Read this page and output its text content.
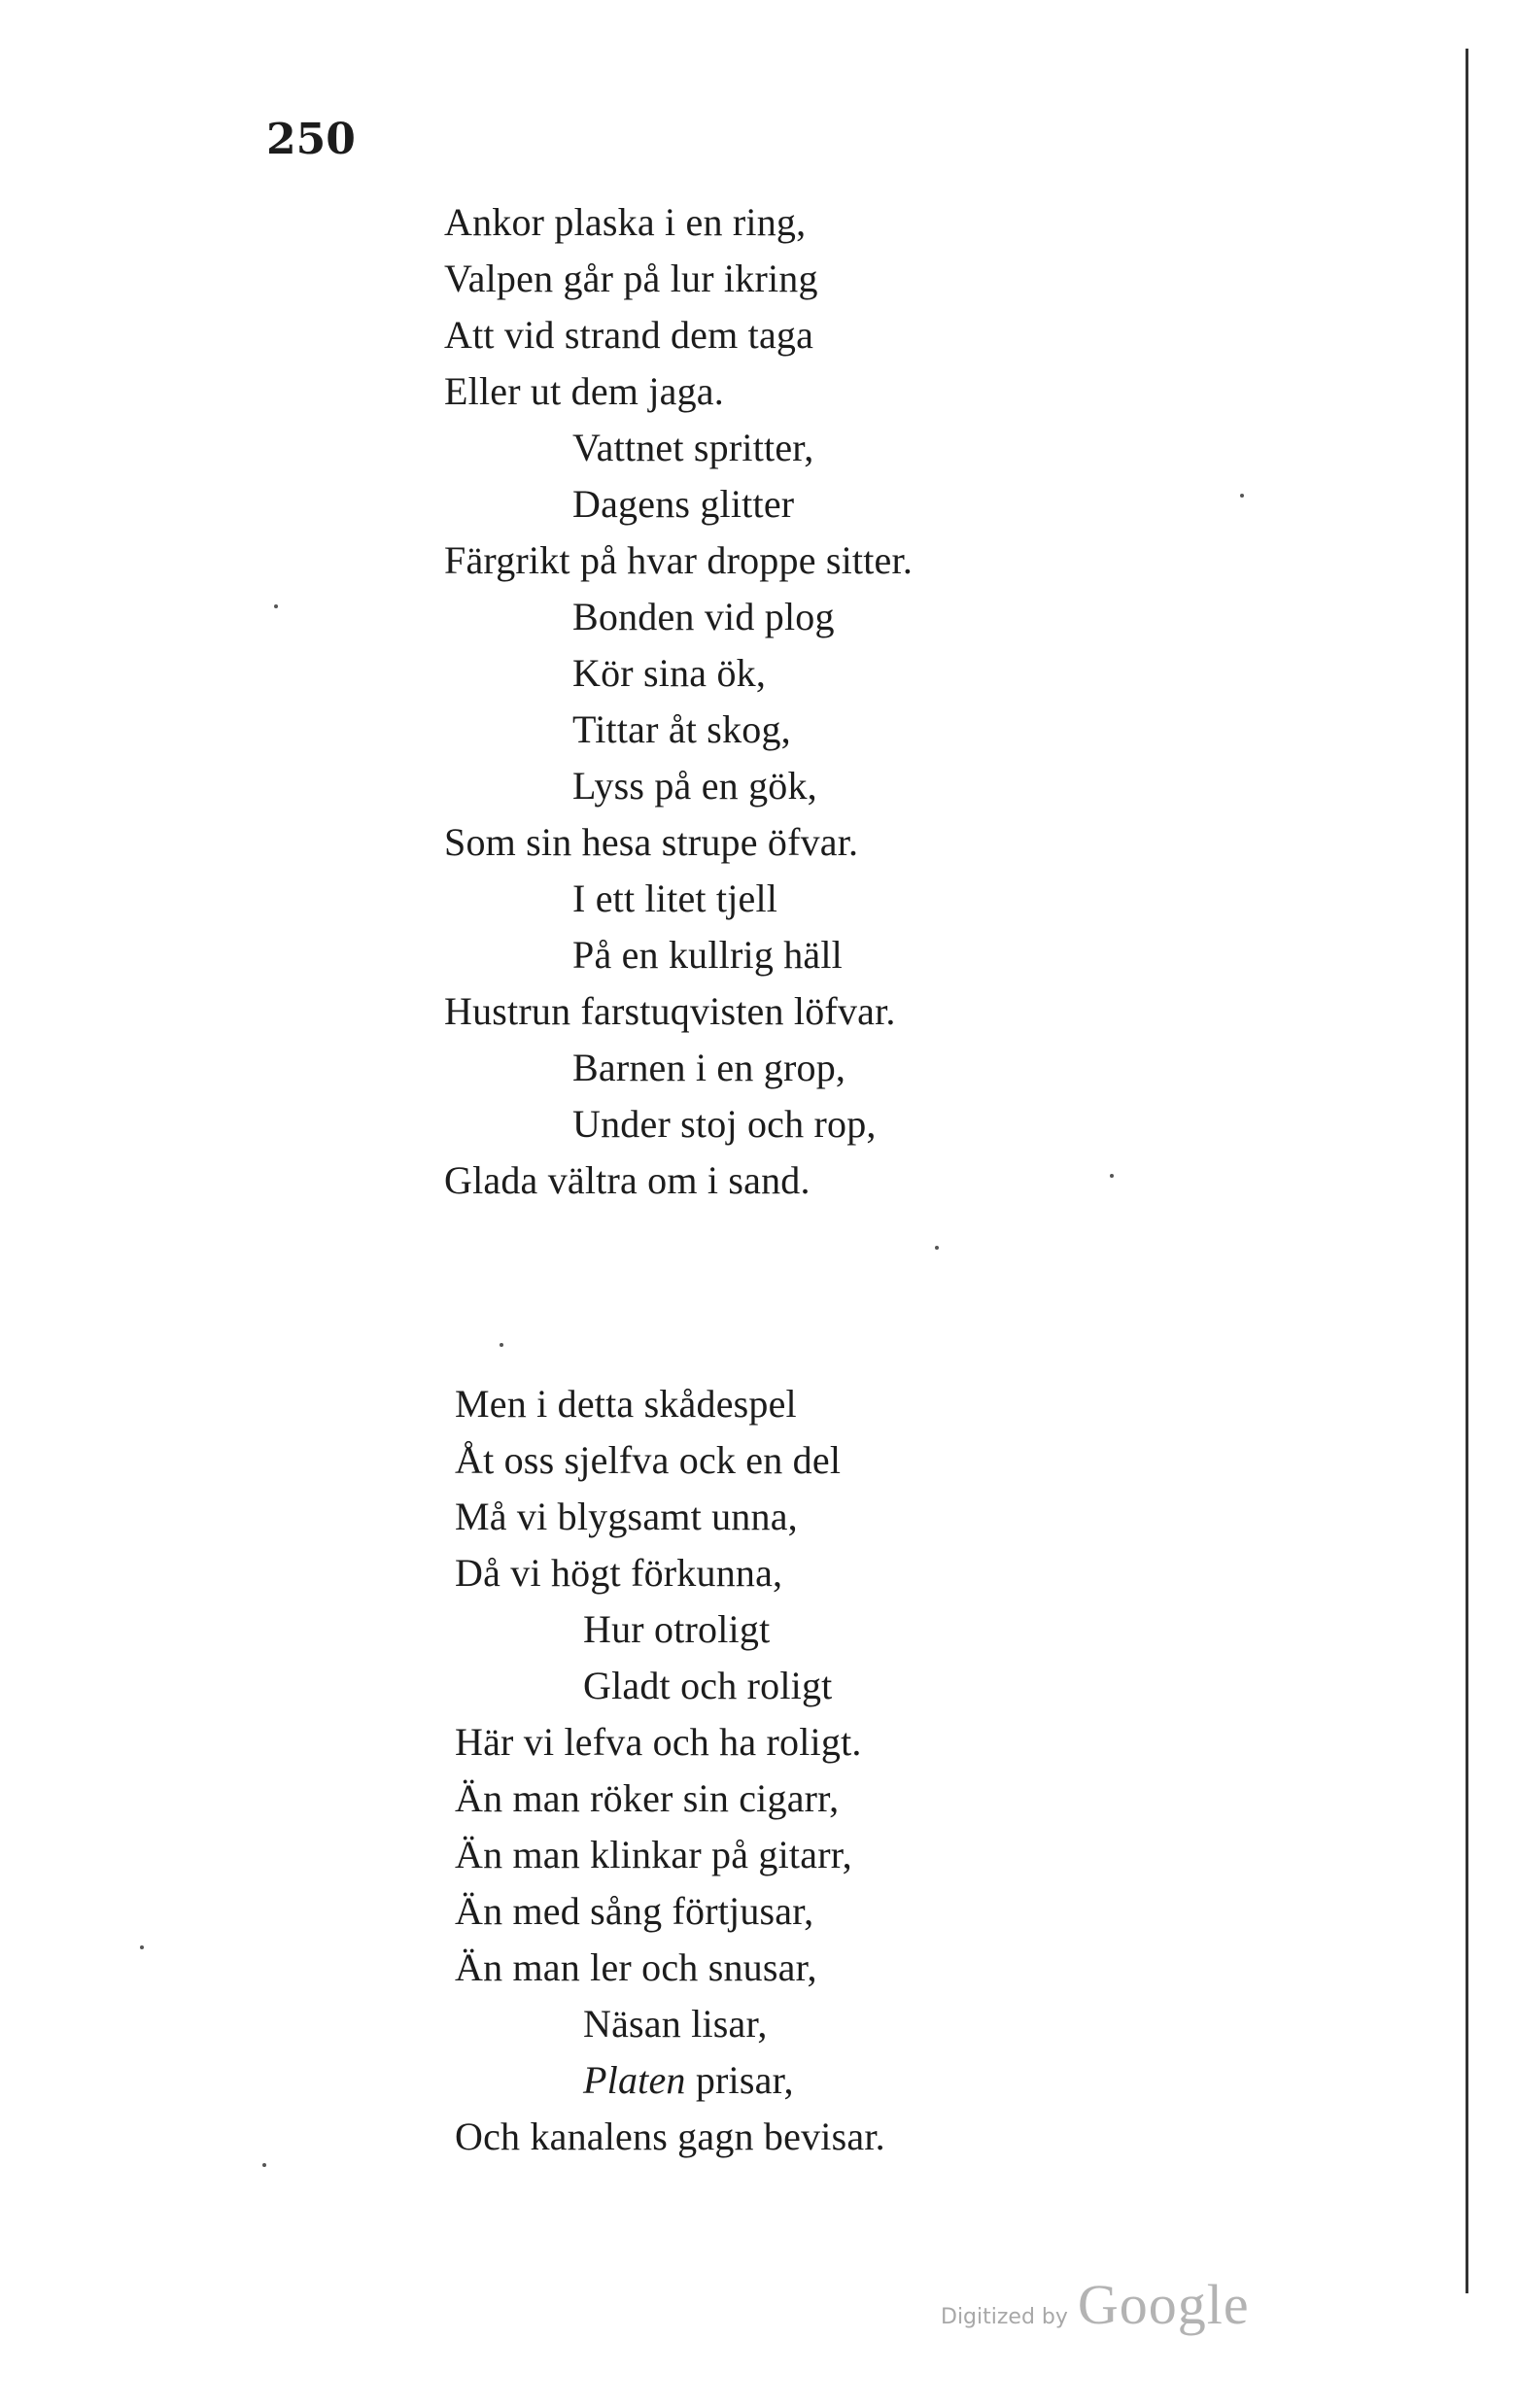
250
Ankor plaska i en ring,
Valpen går på lur ikring
Att vid strand dem taga
Eller ut dem jaga.
Vattnet spritter,
Dagens glitter
Färgrikt på hvar droppe sitter.
Bonden vid plog
Kör sina ök,
Tittar åt skog,
Lyss på en gök,
Som sin hesa strupe öfvar.
I ett litet tjell
På en kullrig häll
Hustrun farstuqvisten löfvar.
Barnen i en grop,
Under stoj och rop,
Glada vältra om i sand.
Men i detta skådespel
Åt oss sjelfva ock en del
Må vi blygsamt unna,
Då vi högt förkunna,
Hur otroligt
Gladt och roligt
Här vi lefva och ha roligt.
Än man röker sin cigarr,
Än man klinkar på gitarr,
Än med sång förtjusar,
Än man ler och snusar,
Näsan lisar,
Platen prisar,
Och kanalens gagn bevisar.
Digitized by Google
